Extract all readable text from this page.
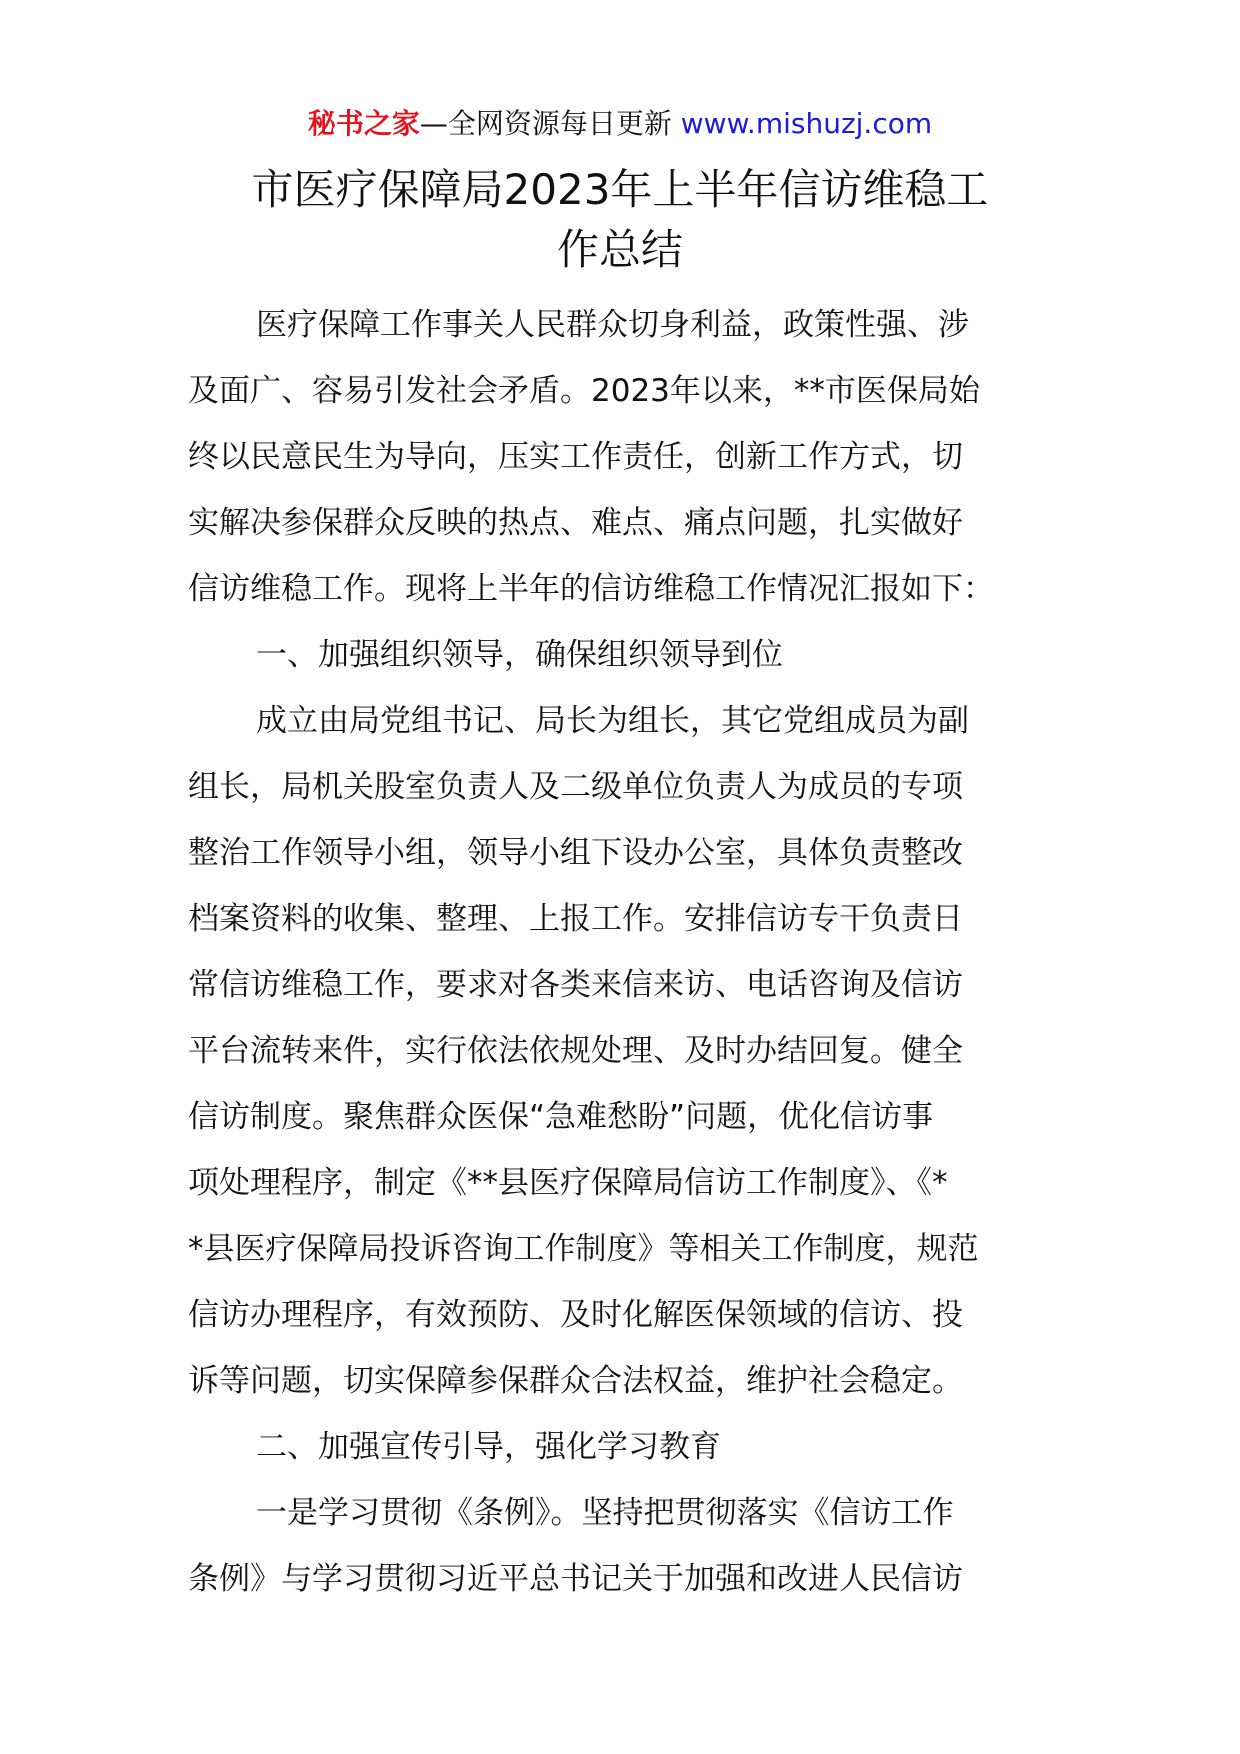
秘书之家—全网资源每日更新 www.mishuzj.com
市医疗保障局2023年上半年信访维稳工
作总结
医疗保障工作事关人民群众切身利益，政策性强、涉
及面广、容易引发社会矛盾。2023年以来，**市医保局始
终以民意民生为导向，压实工作责任，创新工作方式，切
实解决参保群众反映的热点、难点、痛点问题，扎实做好
信访维稳工作。现将上半年的信访维稳工作情况汇报如下：
一、加强组织领导，确保组织领导到位
成立由局党组书记、局长为组长，其它党组成员为副
组长，局机关股室负责人及二级单位负责人为成员的专项
整治工作领导小组，领导小组下设办公室，具体负责整改
档案资料的收集、整理、上报工作。安排信访专干负责日
常信访维稳工作，要求对各类来信来访、电话咨询及信访
平台流转来件，实行依法依规处理、及时办结回复。健全
信访制度。聚焦群众医保“急难愁盼”问题，优化信访事
项处理程序，制定《**县医疗保障局信访工作制度》、《*
*县医疗保障局投诉咨询工作制度》等相关工作制度，规范
信访办理程序，有效预防、及时化解医保领域的信访、投
诉等问题，切实保障参保群众合法权益，维护社会稳定。
二、加强宣传引导，强化学习教育
一是学习贯彻《条例》。坚持把贯彻落实《信访工作
条例》与学习贯彻习近平总书记关于加强和改进人民信访
